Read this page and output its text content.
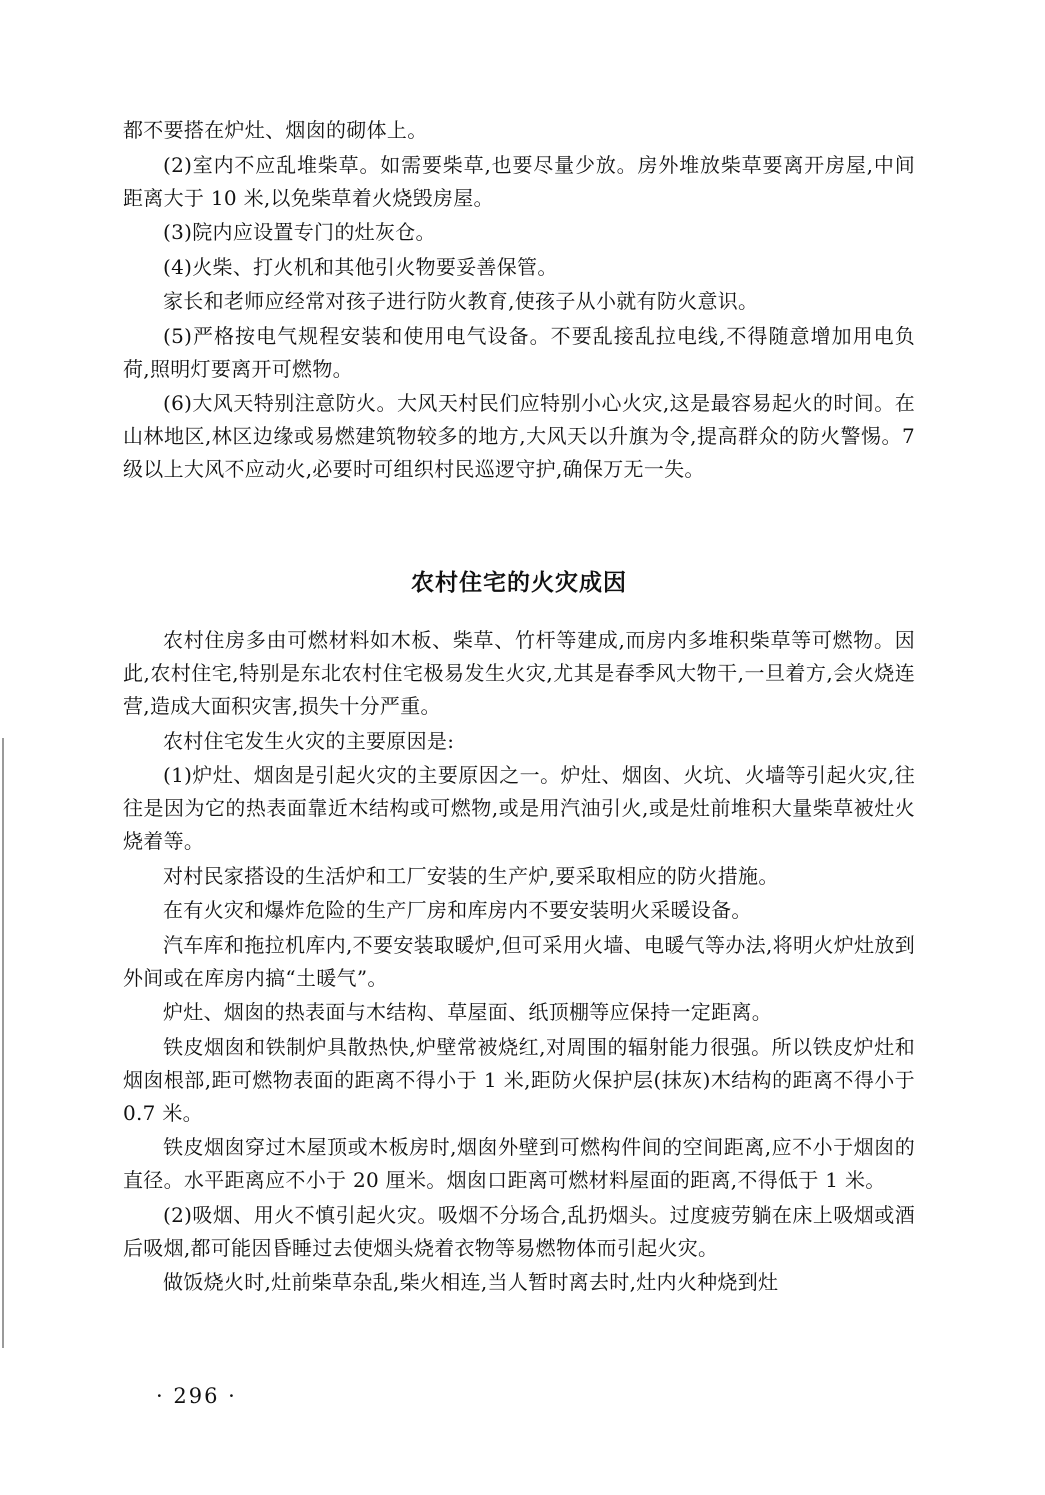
都不要搭在炉灶、烟囱的砌体上。

(2)室内不应乱堆柴草。如需要柴草,也要尽量少放。房外堆放柴草要离开房屋,中间距离大于 10 米,以免柴草着火烧毁房屋。

(3)院内应设置专门的灶灰仓。

(4)火柴、打火机和其他引火物要妥善保管。

家长和老师应经常对孩子进行防火教育,使孩子从小就有防火意识。

(5)严格按电气规程安装和使用电气设备。不要乱接乱拉电线,不得随意增加用电负荷,照明灯要离开可燃物。

(6)大风天特别注意防火。大风天村民们应特别小心火灾,这是最容易起火的时间。在山林地区,林区边缘或易燃建筑物较多的地方,大风天以升旗为令,提高群众的防火警惕。7 级以上大风不应动火,必要时可组织村民巡逻守护,确保万无一失。

农村住宅的火灾成因

农村住房多由可燃材料如木板、柴草、竹杆等建成,而房内多堆积柴草等可燃物。因此,农村住宅,特别是东北农村住宅极易发生火灾,尤其是春季风大物干,一旦着方,会火烧连营,造成大面积灾害,损失十分严重。

农村住宅发生火灾的主要原因是:

(1)炉灶、烟囱是引起火灾的主要原因之一。炉灶、烟囱、火坑、火墙等引起火灾,往往是因为它的热表面靠近木结构或可燃物,或是用汽油引火,或是灶前堆积大量柴草被灶火烧着等。

对村民家搭设的生活炉和工厂安装的生产炉,要采取相应的防火措施。

在有火灾和爆炸危险的生产厂房和库房内不要安装明火采暖设备。

汽车库和拖拉机库内,不要安装取暖炉,但可采用火墙、电暖气等办法,将明火炉灶放到外间或在库房内搞“土暖气”。

炉灶、烟囱的热表面与木结构、草屋面、纸顶棚等应保持一定距离。

铁皮烟囱和铁制炉具散热快,炉壁常被烧红,对周围的辐射能力很强。所以铁皮炉灶和烟囱根部,距可燃物表面的距离不得小于 1 米,距防火保护层(抹灰)木结构的距离不得小于 0.7 米。

铁皮烟囱穿过木屋顶或木板房时,烟囱外壁到可燃构件间的空间距离,应不小于烟囱的直径。水平距离应不小于 20 厘米。烟囱口距离可燃材料屋面的距离,不得低于 1 米。

(2)吸烟、用火不慎引起火灾。吸烟不分场合,乱扔烟头。过度疲劳躺在床上吸烟或酒后吸烟,都可能因昏睡过去使烟头烧着衣物等易燃物体而引起火灾。

做饭烧火时,灶前柴草杂乱,柴火相连,当人暂时离去时,灶内火种烧到灶

· 296 ·
